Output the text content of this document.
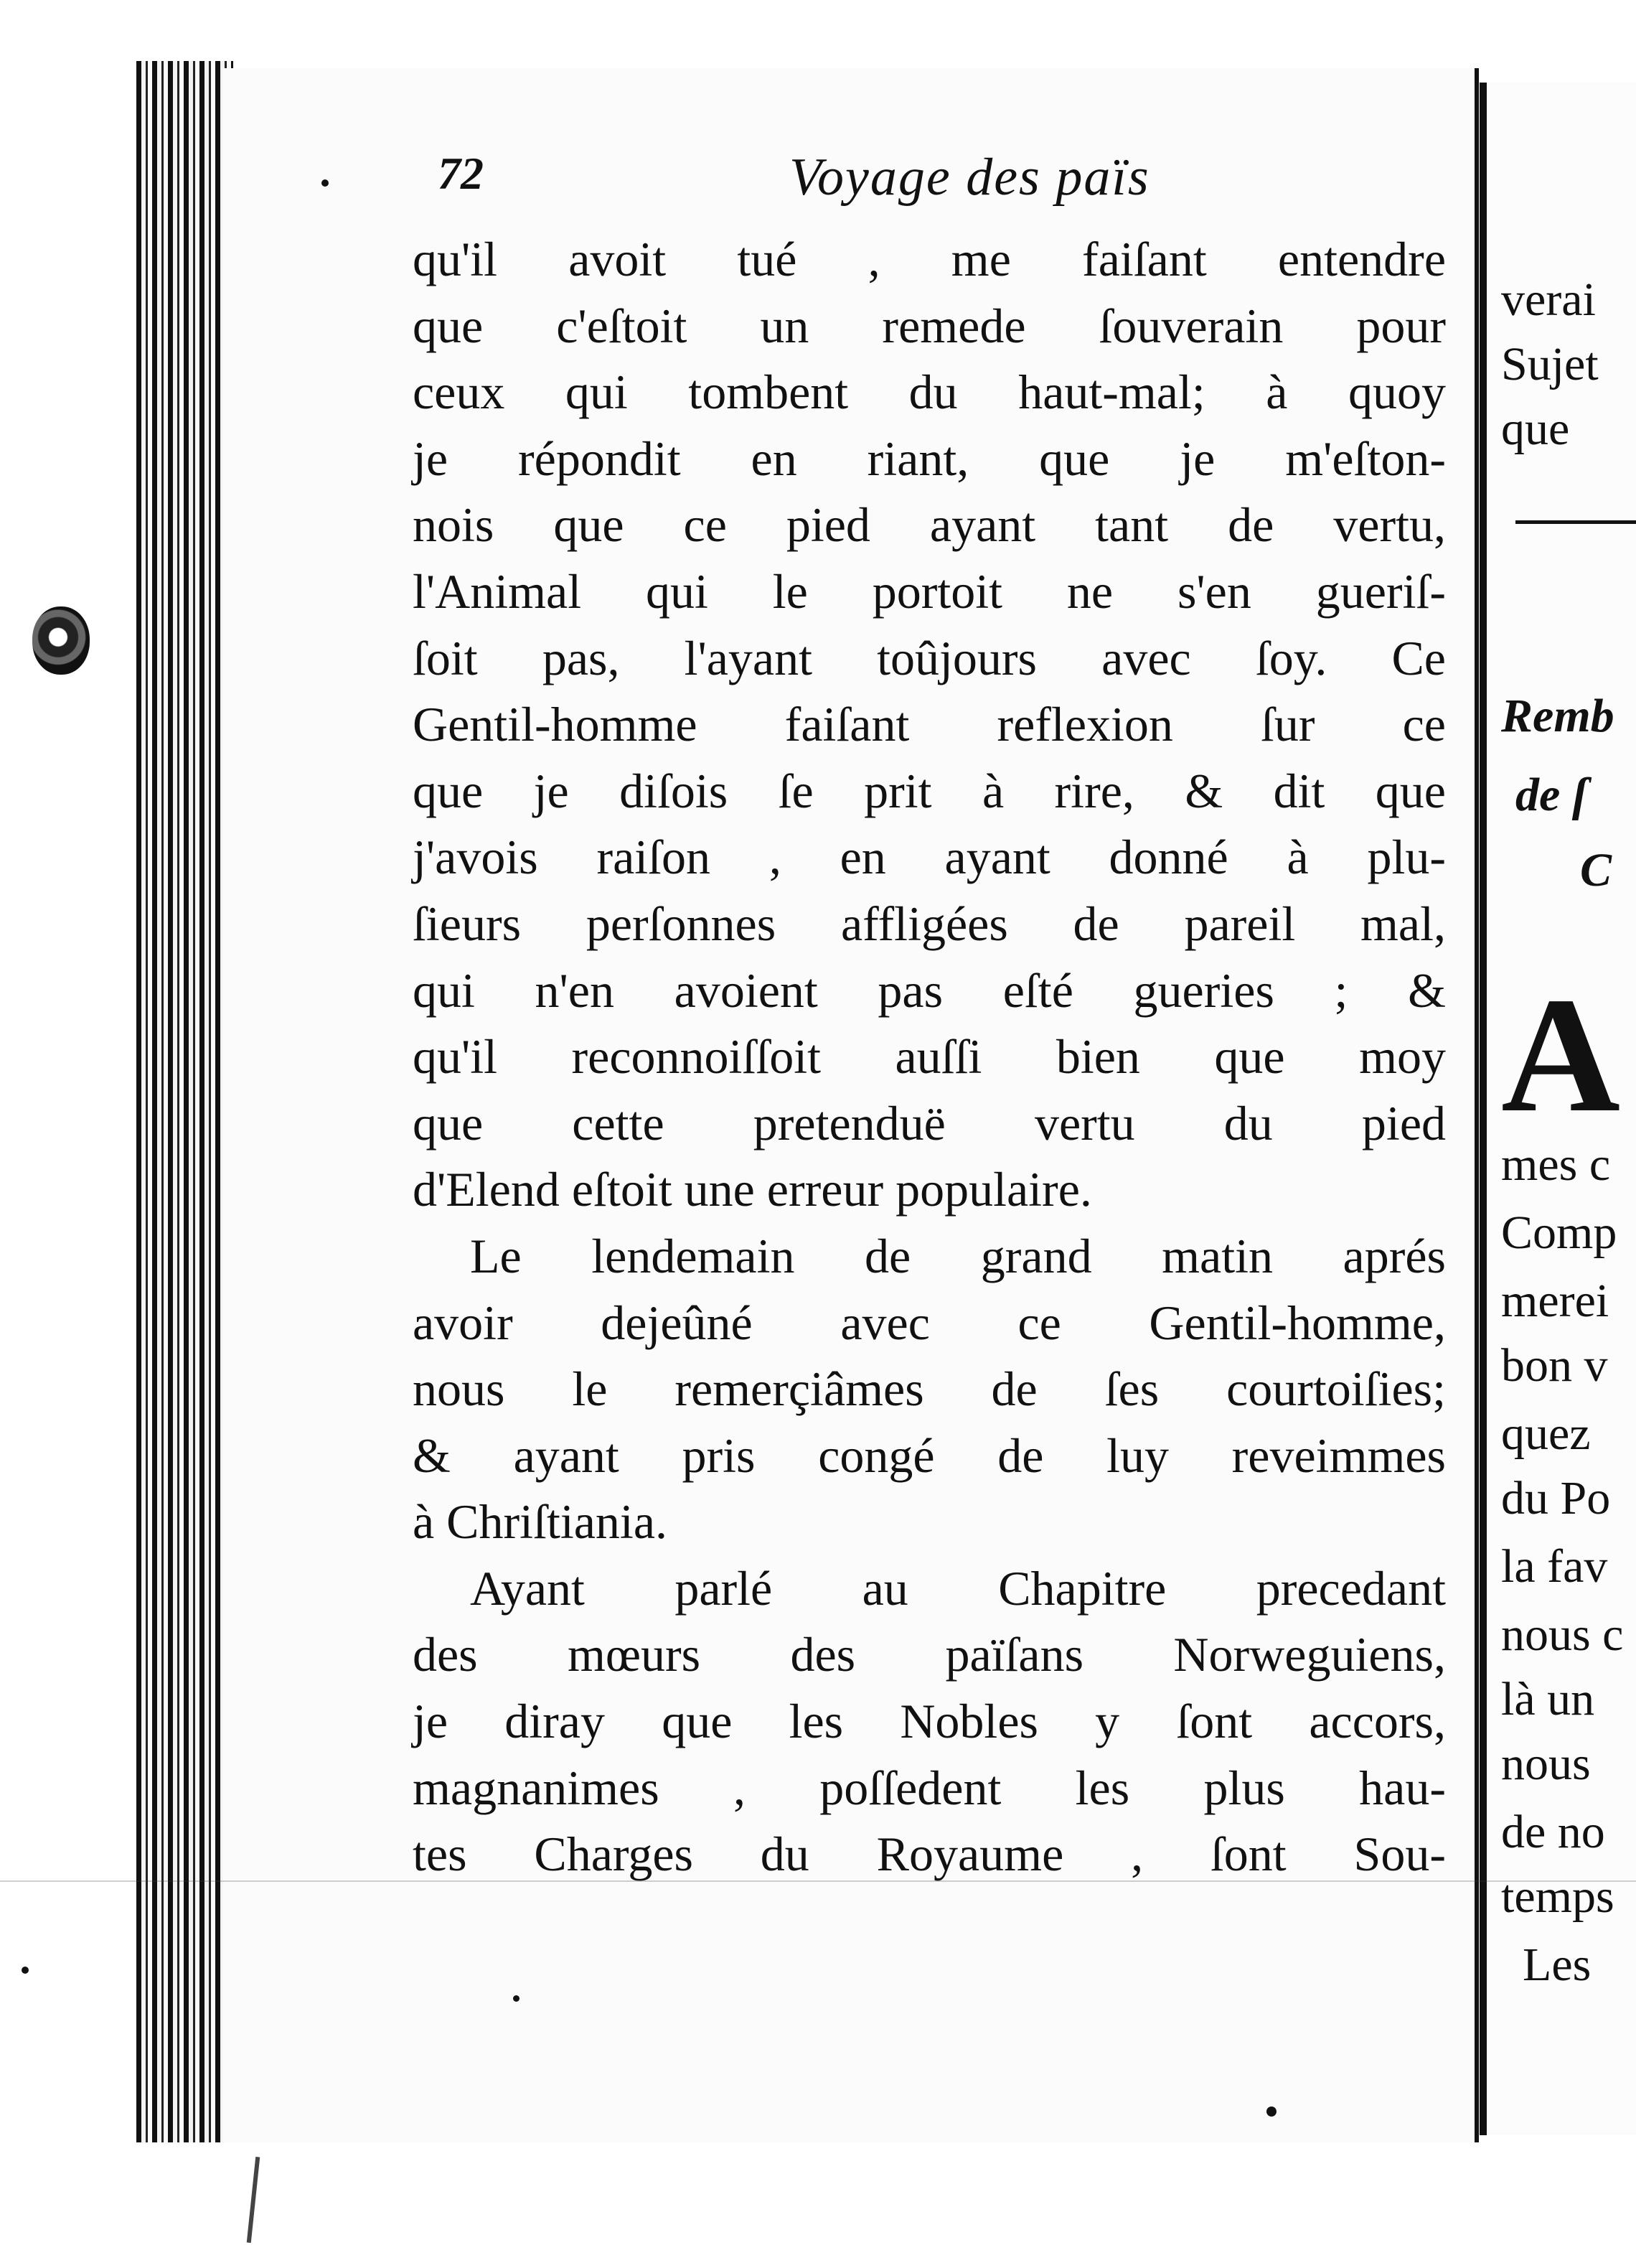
72	Voyage des païs
qu'il avoit tué , me faiſant entendre
que c'eſtoit un remede ſouverain pour
ceux qui tombent du haut-mal; à quoy
je répondit en riant, que je m'eſton-
nois que ce pied ayant tant de vertu,
l'Animal qui le portoit ne s'en gueriſ-
ſoit pas, l'ayant toûjours avec ſoy. Ce
Gentil-homme faiſant reflexion ſur ce
que je diſois ſe prit à rire, & dit que
j'avois raiſon , en ayant donné à plu-
ſieurs perſonnes affligées de pareil mal,
qui n'en avoient pas eſté gueries ; &
qu'il reconnoiſſoit auſſi bien que moy
que cette pretenduë vertu du pied
d'Elend eſtoit une erreur populaire.
Le lendemain de grand matin aprés
avoir dejeûné avec ce Gentil-homme,
nous le remerçiâmes de ſes courtoiſies;
& ayant pris congé de luy reveimmes
à Chriſtiania.
Ayant parlé au Chapitre precedant
des mœurs des païſans Norweguiens,
je diray que les Nobles y ſont accors,
magnanimes , poſſedent les plus hau-
tes Charges du Royaume , ſont Sou-
verai
Sujet
que
Remb
de ſ
C
A
mes c
Comp
merei
bon v
quez
du Po
la fav
nous c
là un
nous
de no
temps
Les
